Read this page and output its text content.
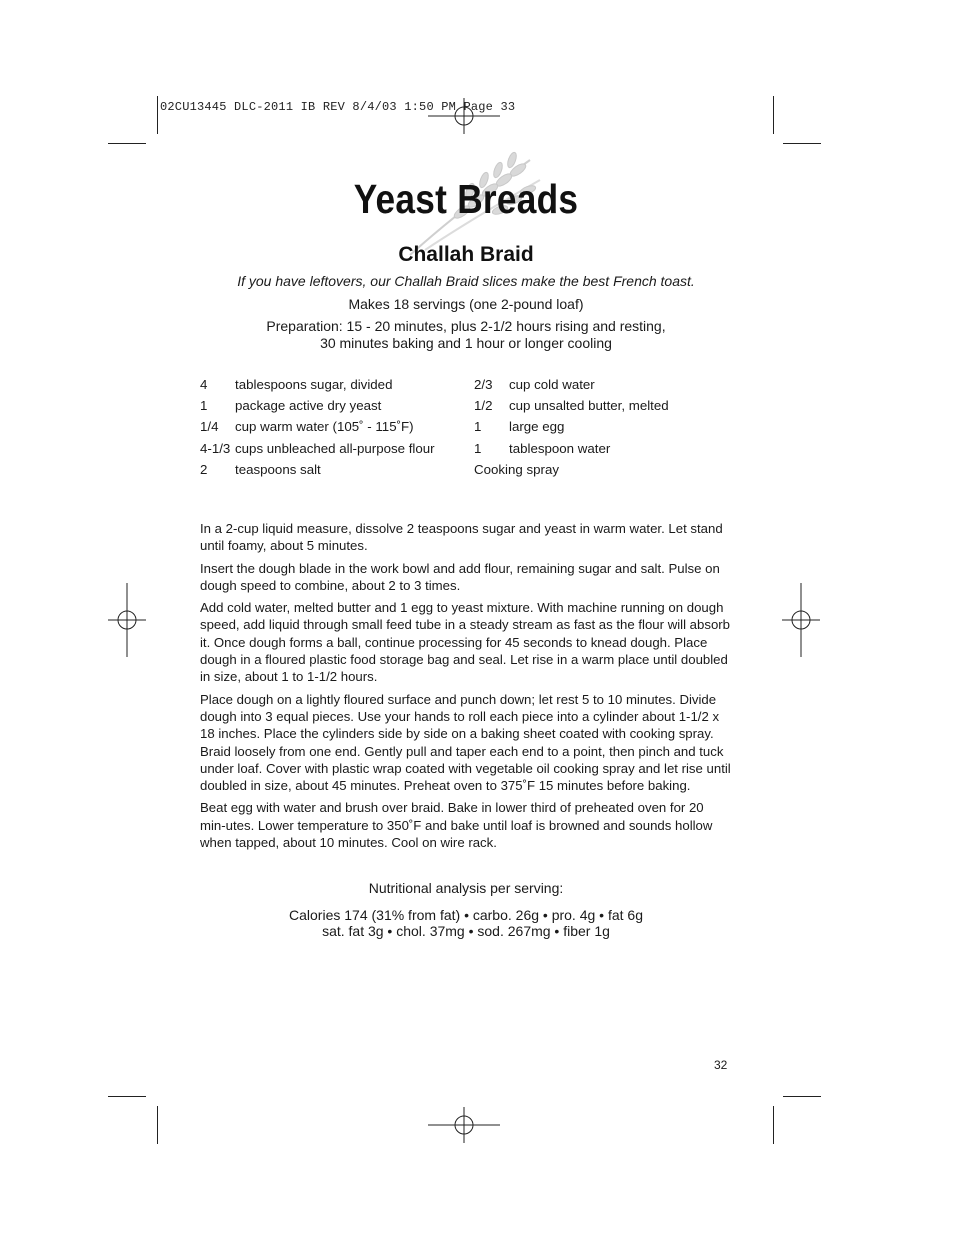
02CU13445 DLC-2011 IB REV 8/4/03 1:50 PM Page 33
Yeast Breads
Challah Braid
If you have leftovers, our Challah Braid slices make the best French toast.
Makes 18 servings (one 2-pound loaf)
Preparation: 15 - 20 minutes, plus 2-1/2 hours rising and resting,
30 minutes baking and 1 hour or longer cooling
4 tablespoons sugar, divided
1 package active dry yeast
1/4 cup warm water (105˚ - 115˚F)
4-1/3 cups unbleached all-purpose flour
2 teaspoons salt
2/3 cup cold water
1/2 cup unsalted butter, melted
1 large egg
1 tablespoon water
Cooking spray

In a 2-cup liquid measure, dissolve 2 teaspoons sugar and yeast in warm water. Let stand until foamy, about 5 minutes.

Insert the dough blade in the work bowl and add flour, remaining sugar and salt. Pulse on dough speed to combine, about 2 to 3 times.

Add cold water, melted butter and 1 egg to yeast mixture. With machine running on dough speed, add liquid through small feed tube in a steady stream as fast as the flour will absorb it. Once dough forms a ball, continue processing for 45 seconds to knead dough. Place dough in a floured plastic food storage bag and seal. Let rise in a warm place until doubled in size, about 1 to 1-1/2 hours.

Place dough on a lightly floured surface and punch down; let rest 5 to 10 minutes. Divide dough into 3 equal pieces. Use your hands to roll each piece into a cylinder about 1-1/2 x 18 inches. Place the cylinders side by side on a baking sheet coated with cooking spray. Braid loosely from one end. Gently pull and taper each end to a point, then pinch and tuck under loaf. Cover with plastic wrap coated with vegetable oil cooking spray and let rise until doubled in size, about 45 minutes. Preheat oven to 375˚F 15 minutes before baking.

Beat egg with water and brush over braid. Bake in lower third of preheated oven for 20 min-utes. Lower temperature to 350˚F and bake until loaf is browned and sounds hollow when tapped, about 10 minutes. Cool on wire rack.

Nutritional analysis per serving:
Calories 174 (31% from fat) • carbo. 26g • pro. 4g • fat 6g
sat. fat 3g • chol. 37mg • sod. 267mg • fiber 1g
32
